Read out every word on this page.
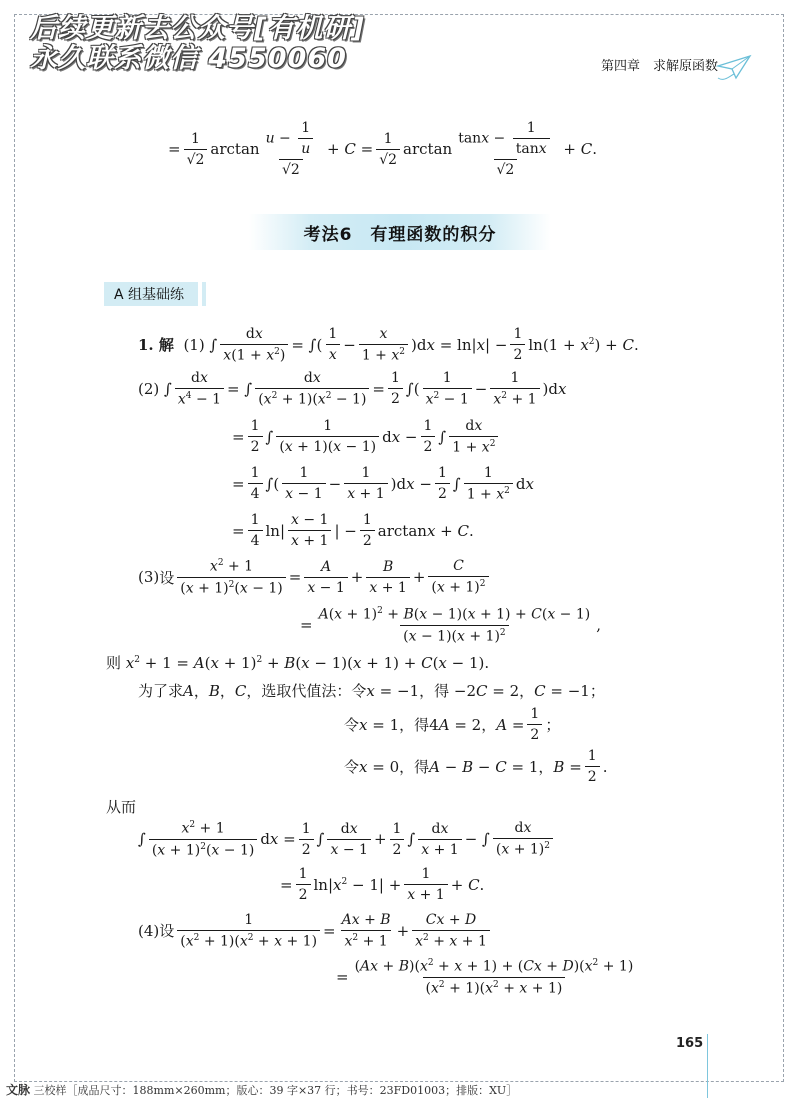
后续更新去公众号[有机研]
永久联系微信 4550060	第四章　求解原函数
= $\frac{1}{√2}$ $\arctan \frac{u - \frac{1}{u}}{√2} + C = \frac{1}{√2}$ $\arctan \frac{\tan x - \frac{1}{\tan x}}{√2} + C$.
考法6　有理函数的积分
A 组基础练
1. 解
(1)
∫ $\frac{dx}{x(1 + x^2)}$ = ∫( $\frac{1}{x} - \frac{x}{1 + x^2} )dx = \ln|x| - \frac{1}{2} \ln(1 + x^2) + C$.
(2)
∫ $\frac{dx}{x^4 - 1}$ = ∫ $\frac{dx}{(x^2 + 1)(x^2 - 1)} = \frac{1}{2}$ ∫( $\frac{1}{x^2 - 1} - \frac{1}{x^2 + 1} )dx$
= $\frac{1}{2}$ ∫ $\frac{1}{(x + 1)(x - 1)}$ dx − $\frac{1}{2}$ ∫ $\frac{dx}{1 + x^2}$
= $\frac{1}{4}$ ∫( $\frac{1}{x - 1} - \frac{1}{x + 1} )dx - \frac{1}{2}$ ∫ $\frac{1}{1 + x^2}$ dx
= $\frac{1}{4} \ln| \frac{x - 1}{x + 1}$ | − $\frac{1}{2}$ arctanx + C.
(3) 设 $\frac{x^2 + 1}{(x + 1)^2(x - 1)} = \frac{A}{x - 1} + \frac{B}{x + 1} + \frac{C}{(x + 1)^2}$
= $\frac{A(x + 1)^2 + B(x - 1)(x + 1) + C(x - 1)}{(x - 1)(x + 1)^2}$ ,
则 $x^2 + 1 = A(x + 1)^2 + B(x - 1)(x + 1) + C(x - 1)$.
为了求 A，B，C ，选取代值法：令 x = −1，得 −2C = 2，C = −1；
令 x = 1 ，得 4A = 2，$A = \frac{1}{2}$ ；
令 x = 0 ，得 A − B − C = 1，$B = \frac{1}{2}$ .
从而
∫ $\frac{x^2 + 1}{(x + 1)^2(x - 1)}$ dx = $\frac{1}{2}$ ∫ $\frac{dx}{x - 1} + \frac{1}{2}$ ∫ $\frac{dx}{x + 1}$ − ∫ $\frac{dx}{(x + 1)^2}$
= $\frac{1}{2} \ln|x^2 - 1| + \frac{1}{x + 1} + C$.
(4) 设 $\frac{1}{(x^2 + 1)(x^2 + x + 1)} = \frac{Ax + B}{x^2 + 1} + \frac{Cx + D}{x^2 + x + 1}$
= $\frac{(Ax + B)(x^2 + x + 1) + (Cx + D)(x^2 + 1)}{(x^2 + 1)(x^2 + x + 1)}$
165
文脉 三校样［成品尺寸：188mm×260mm；版心：39 字×37 行；书号：23FD01003；排版：XU］
